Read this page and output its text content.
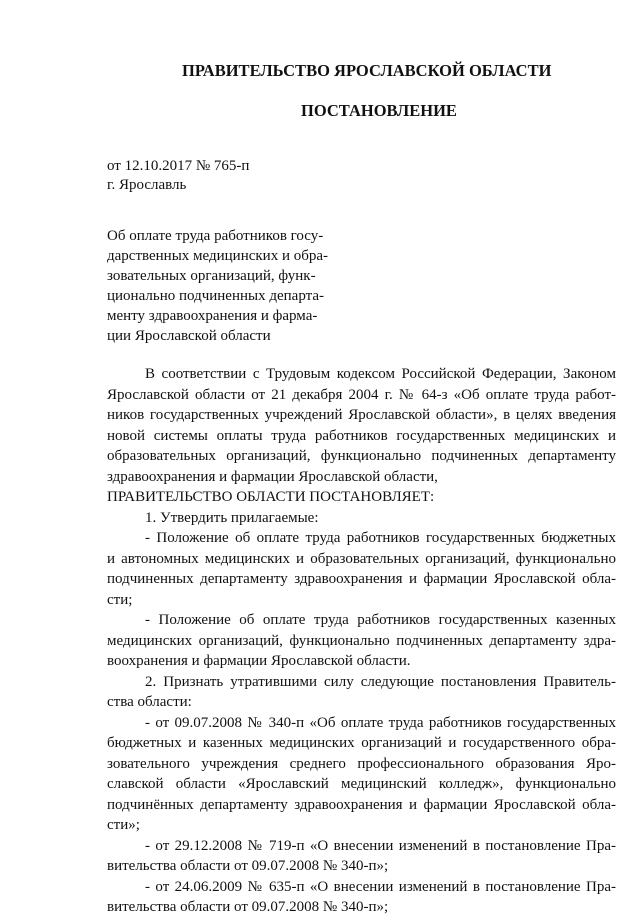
ПРАВИТЕЛЬСТВО ЯРОСЛАВСКОЙ ОБЛАСТИ
ПОСТАНОВЛЕНИЕ
от 12.10.2017 № 765-п
г. Ярославль
Об оплате труда работников госу-
дарственных медицинских и обра-
зовательных организаций, функ-
ционально подчиненных департа-
менту здравоохранения и фарма-
ции Ярославской области
В соответствии с Трудовым кодексом Российской Федерации, Законом
Ярославской области от 21 декабря 2004 г. № 64-з «Об оплате труда работ-
ников государственных учреждений Ярославской области», в целях введения
новой системы оплаты труда работников государственных медицинских и
образовательных организаций, функционально подчиненных департаменту
здравоохранения и фармации Ярославской области,
ПРАВИТЕЛЬСТВО ОБЛАСТИ ПОСТАНОВЛЯЕТ:
1. Утвердить прилагаемые:
- Положение об оплате труда работников государственных бюджетных
и автономных медицинских и образовательных организаций, функционально
подчиненных департаменту здравоохранения и фармации Ярославской обла-
сти;
- Положение об оплате труда работников государственных казенных
медицинских организаций, функционально подчиненных департаменту здра-
воохранения и фармации Ярославской области.
2. Признать утратившими силу следующие постановления Правитель-
ства области:
- от 09.07.2008 № 340-п «Об оплате труда работников государственных
бюджетных и казенных медицинских организаций и государственного обра-
зовательного учреждения среднего профессионального образования Яро-
славской области «Ярославский медицинский колледж», функционально
подчинённых департаменту здравоохранения и фармации Ярославской обла-
сти»;
- от 29.12.2008 № 719-п «О внесении изменений в постановление Пра-
вительства области от 09.07.2008 № 340-п»;
- от 24.06.2009 № 635-п «О внесении изменений в постановление Пра-
вительства области от 09.07.2008 № 340-п»;
